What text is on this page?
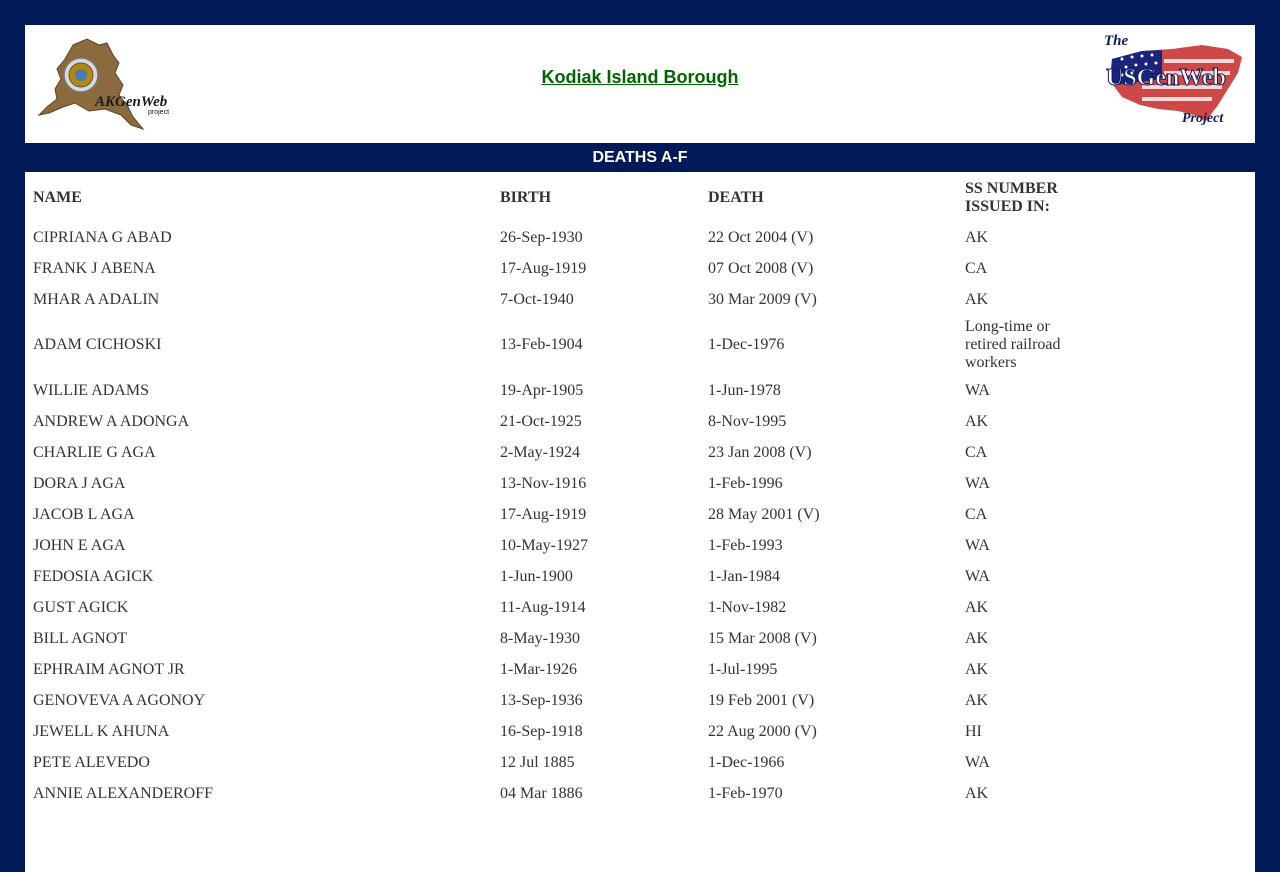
AKGenWeb
project
Kodiak Island Borough
The
USGenWeb
Project
DEATHS A-F
NAME	BIRTH	DEATH	SS NUMBER ISSUED IN:	
CIPRIANA G ABAD	26-Sep-1930	22 Oct 2004 (V)	AK	
FRANK J ABENA	17-Aug-1919	07 Oct 2008 (V)	CA	
MHAR A ADALIN	7-Oct-1940	30 Mar 2009 (V)	AK	
ADAM CICHOSKI	13-Feb-1904	1-Dec-1976	Long-time or retired railroad workers	
WILLIE ADAMS	19-Apr-1905	1-Jun-1978	WA	
ANDREW A ADONGA	21-Oct-1925	8-Nov-1995	AK	
CHARLIE G AGA	2-May-1924	23 Jan 2008 (V)	CA	
DORA J AGA	13-Nov-1916	1-Feb-1996	WA	
JACOB L AGA	17-Aug-1919	28 May 2001 (V)	CA	
JOHN E AGA	10-May-1927	1-Feb-1993	WA	
FEDOSIA AGICK	1-Jun-1900	1-Jan-1984	WA	
GUST AGICK	11-Aug-1914	1-Nov-1982	AK	
BILL AGNOT	8-May-1930	15 Mar 2008 (V)	AK	
EPHRAIM AGNOT JR	1-Mar-1926	1-Jul-1995	AK	
GENOVEVA A AGONOY	13-Sep-1936	19 Feb 2001 (V)	AK	
JEWELL K AHUNA	16-Sep-1918	22 Aug 2000 (V)	HI	
PETE ALEVEDO	12 Jul 1885	1-Dec-1966	WA	
ANNIE ALEXANDEROFF	04 Mar 1886	1-Feb-1970	AK	
